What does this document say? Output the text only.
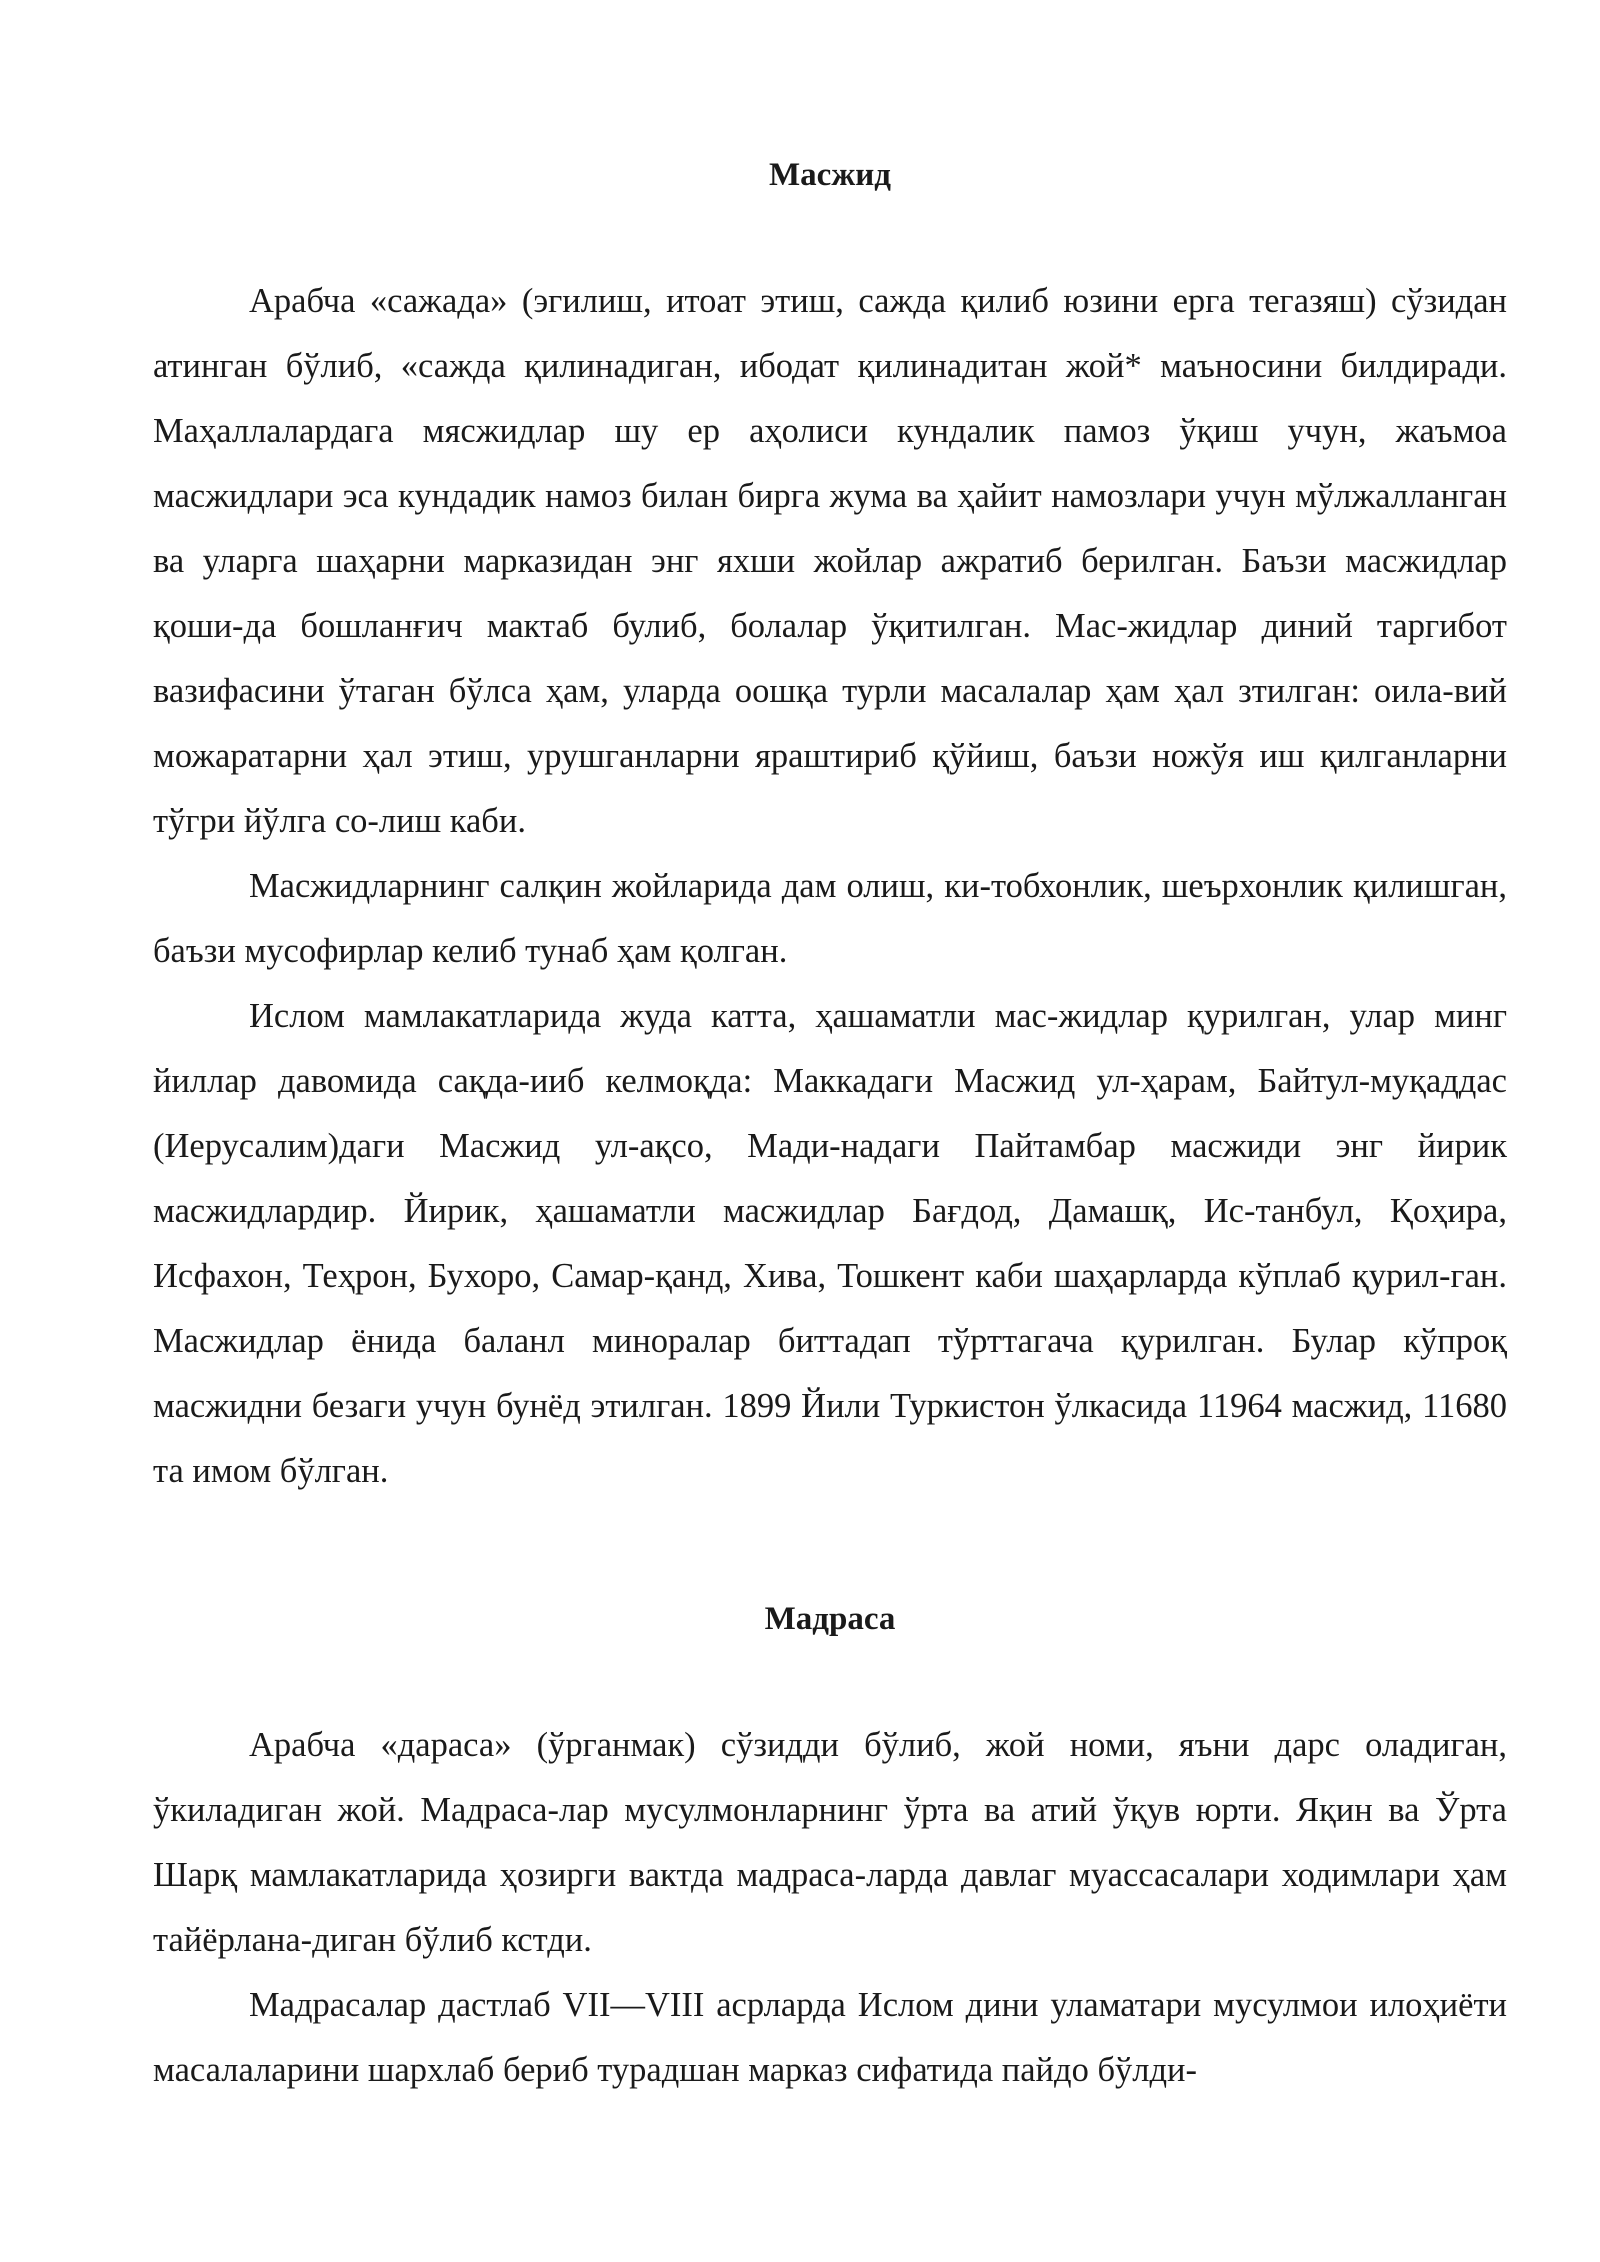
Масжид

Арабча «сажада» (эгилиш, итоат этиш, сажда қилиб юзини ерга тегазяш) сўзидан атинган бўлиб, «сажда қилинадиган, ибодат қилинадитан жой* маъносини билдиради. Маҳаллалардага мясжидлар шу ер аҳолиси кундалик памоз ўқиш учун, жаъмоа масжидлари эса кундадик намоз билан бирга жума ва ҳайит намозлари учун мўлжалланган ва уларга шаҳарни марказидан энг яхши жойлар ажратиб берилган. Баъзи масжидлар қоши-да бошланғич мактаб булиб, болалар ўқитилган. Мас-жидлар диний таргибот вазифасини ўтаган бўлса ҳам, уларда оошқа турли масалалар ҳам ҳал зтилган: оила-вий можаратарни ҳал этиш, урушганларни яраштириб қўйиш, баъзи ножўя иш қилганларни тўгри йўлга со-лиш каби.

Масжидларнинг салқин жойларида дам олиш, ки-тобхонлик, шеърхонлик қилишган, баъзи мусофирлар келиб тунаб ҳам қолган.

Ислом мамлакатларида жуда катта, ҳашаматли мас-жидлар қурилган, улар минг йиллар давомида сақда-ииб келмоқда: Маккадаги Масжид ул-ҳарам, Байтул-муқаддас (Иерусалим)даги Масжид ул-ақсо, Мади-надаги Пайтамбар масжиди энг йирик масжидлардир. Йирик, ҳашаматли масжидлар Бағдод, Дамашқ, Ис-танбул, Қоҳира, Исфахон, Теҳрон, Бухоро, Самар-қанд, Хива, Тошкент каби шаҳарларда кўплаб қурил-ган. Масжидлар ёнида баланл миноралар биттадап тўрттагача қурилган. Булар кўпроқ масжидни безаги учун бунёд этилган. 1899 Йили Туркистон ўлкасида 11964 масжид, 11680 та имом бўлган.

Мадраса

Арабча «дараса» (ўрганмак) сўзидди бўлиб, жой номи, яъни дарс оладиган, ўкиладиган жой. Мадраса-лар мусулмонларнинг ўрта ва атий ўқув юрти. Яқин ва Ўрта Шарқ мамлакатларида ҳозирги вактда мадраса-ларда давлаг муассасалари ходимлари ҳам тайёрлана-диган бўлиб кстди.

Мадрасалар дастлаб VII—VIII асрларда Ислом дини уламатари мусулмои илоҳиёти масалаларини шархлаб бериб турадшан марказ сифатида пайдо бўлди-
